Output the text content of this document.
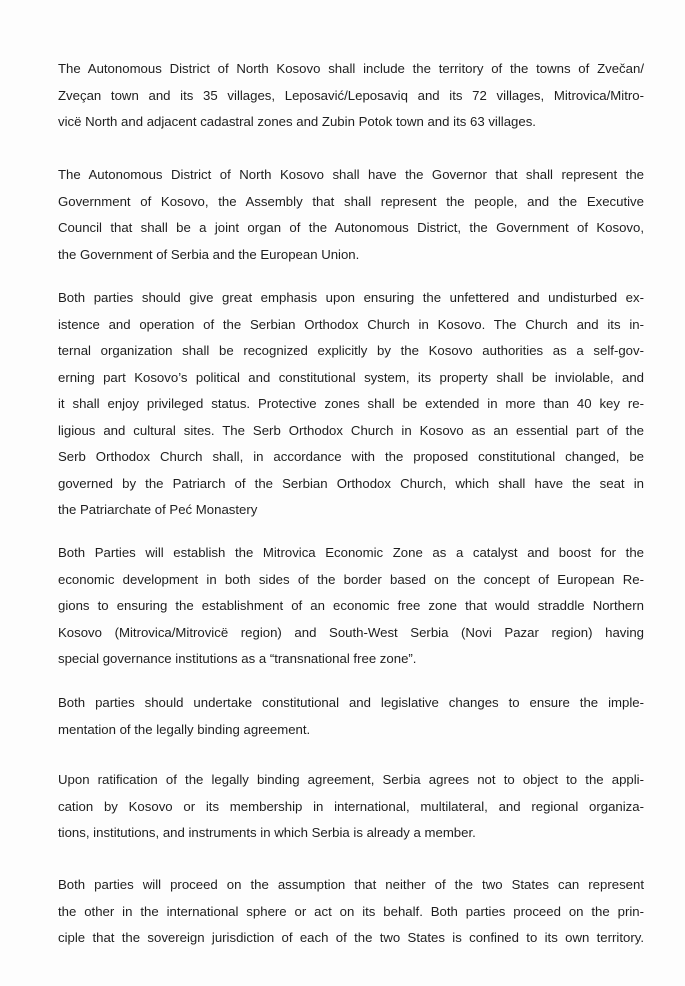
The Autonomous District of North Kosovo shall include the territory of the towns of Zvečan/
Zveçan town and its 35 villages, Leposavić/Leposaviq and its 72 villages, Mitrovica/Mitro-
vicë North and adjacent cadastral zones and Zubin Potok town and its 63 villages.
The Autonomous District of North Kosovo shall have the Governor that shall represent the
Government of Kosovo, the Assembly that shall represent the people, and the Executive
Council that shall be a joint organ of the Autonomous District, the Government of Kosovo,
the Government of Serbia and the European Union.
Both parties should give great emphasis upon ensuring the unfettered and undisturbed ex-
istence and operation of the Serbian Orthodox Church in Kosovo. The Church and its in-
ternal organization shall be recognized explicitly by the Kosovo authorities as a self-gov-
erning part Kosovo’s political and constitutional system, its property shall be inviolable, and
it shall enjoy privileged status. Protective zones shall be extended in more than 40 key re-
ligious and cultural sites. The Serb Orthodox Church in Kosovo as an essential part of the
Serb Orthodox Church shall, in accordance with the proposed constitutional changed, be
governed by the Patriarch of the Serbian Orthodox Church, which shall have the seat in
the Patriarchate of Peć Monastery
Both Parties will establish the Mitrovica Economic Zone as a catalyst and boost for the
economic development in both sides of the border based on the concept of European Re-
gions to ensuring the establishment of an economic free zone that would straddle Northern
Kosovo (Mitrovica/Mitrovicë region) and South-West Serbia (Novi Pazar region) having
special governance institutions as a “transnational free zone”.
Both parties should undertake constitutional and legislative changes to ensure the imple-
mentation of the legally binding agreement.
Upon ratification of the legally binding agreement, Serbia agrees not to object to the appli-
cation by Kosovo or its membership in international, multilateral, and regional organiza-
tions, institutions, and instruments in which Serbia is already a member.
Both parties will proceed on the assumption that neither of the two States can represent
the other in the international sphere or act on its behalf. Both parties proceed on the prin-
ciple that the sovereign jurisdiction of each of the two States is confined to its own territory.
